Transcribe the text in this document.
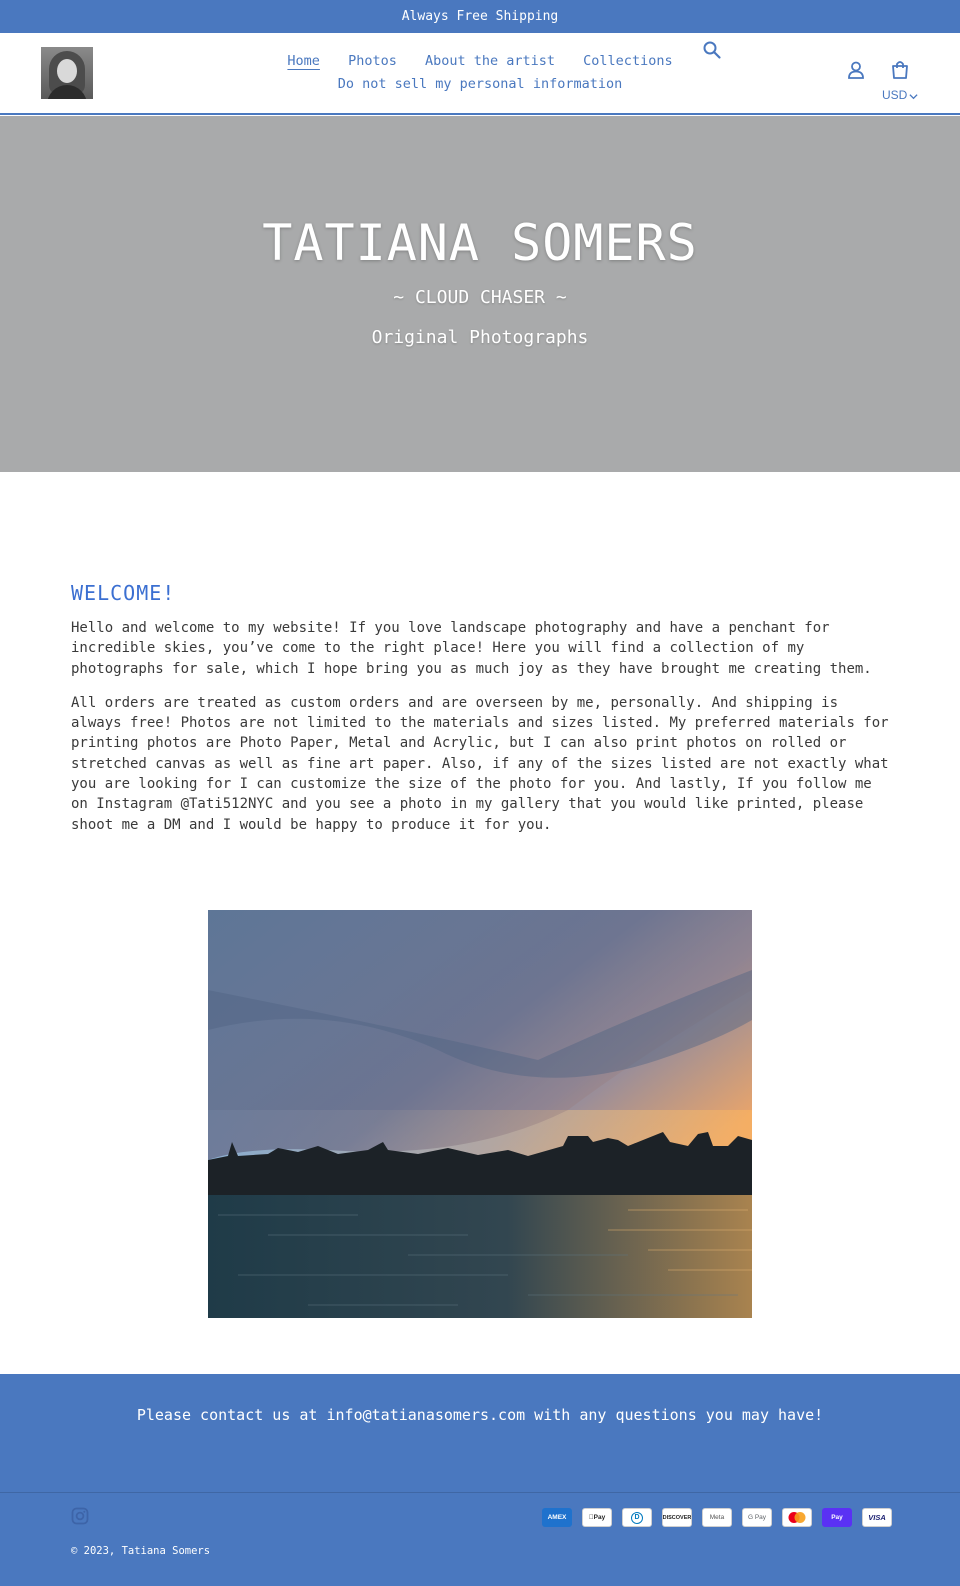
Always Free Shipping
Home Photos About the artist Collections
Do not sell my personal information
USD
TATIANA SOMERS
~ CLOUD CHASER ~
Original Photographs
WELCOME!

Hello and welcome to my website! If you love landscape photography and have a penchant for incredible skies, you’ve come to the right place! Here you will find a collection of my photographs for sale, which I hope bring you as much joy as they have brought me creating them.

All orders are treated as custom orders and are overseen by me, personally. And shipping is always free! Photos are not limited to the materials and sizes listed. My preferred materials for printing photos are Photo Paper, Metal and Acrylic, but I can also print photos on rolled or stretched canvas as well as fine art paper. Also, if any of the sizes listed are not exactly what you are looking for I can customize the size of the photo for you. And lastly, If you follow me on Instagram @Tati512NYC and you see a photo in my gallery that you would like printed, please shoot me a DM and I would be happy to produce it for you.

Please contact us at info@tatianasomers.com with any questions you may have!
AMEX	Pay	D	DISCOVER	Meta	G Pay	Pay	VISA
© 2023, Tatiana Somers
